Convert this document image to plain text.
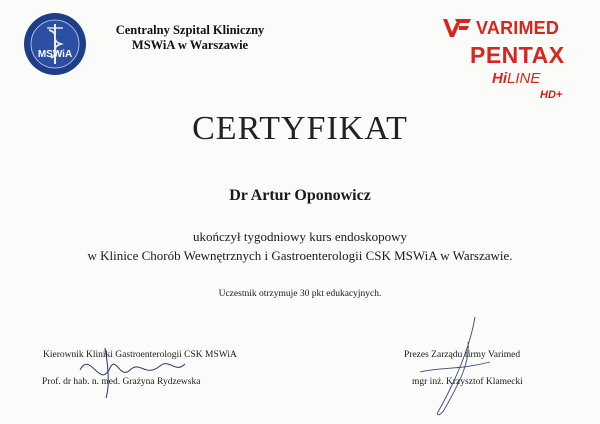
MSWiA
Centralny Szpital Kliniczny
MSWiA w Warszawie
VARIMED
PENTAX
HiLINE
HD+
CERTYFIKAT
Dr Artur Oponowicz
ukończył tygodniowy kurs endoskopowy
w Klinice Chorób Wewnętrznych i Gastroenterologii CSK MSWiA w Warszawie.
Uczestnik otrzymuje 30 pkt edukacyjnych.
Kierownik Kliniki Gastroenterologii CSK MSWiA
Prof. dr hab. n. med. Grażyna Rydzewska
Prezes Zarządu firmy Varimed
mgr inż. Krzysztof Klamecki
